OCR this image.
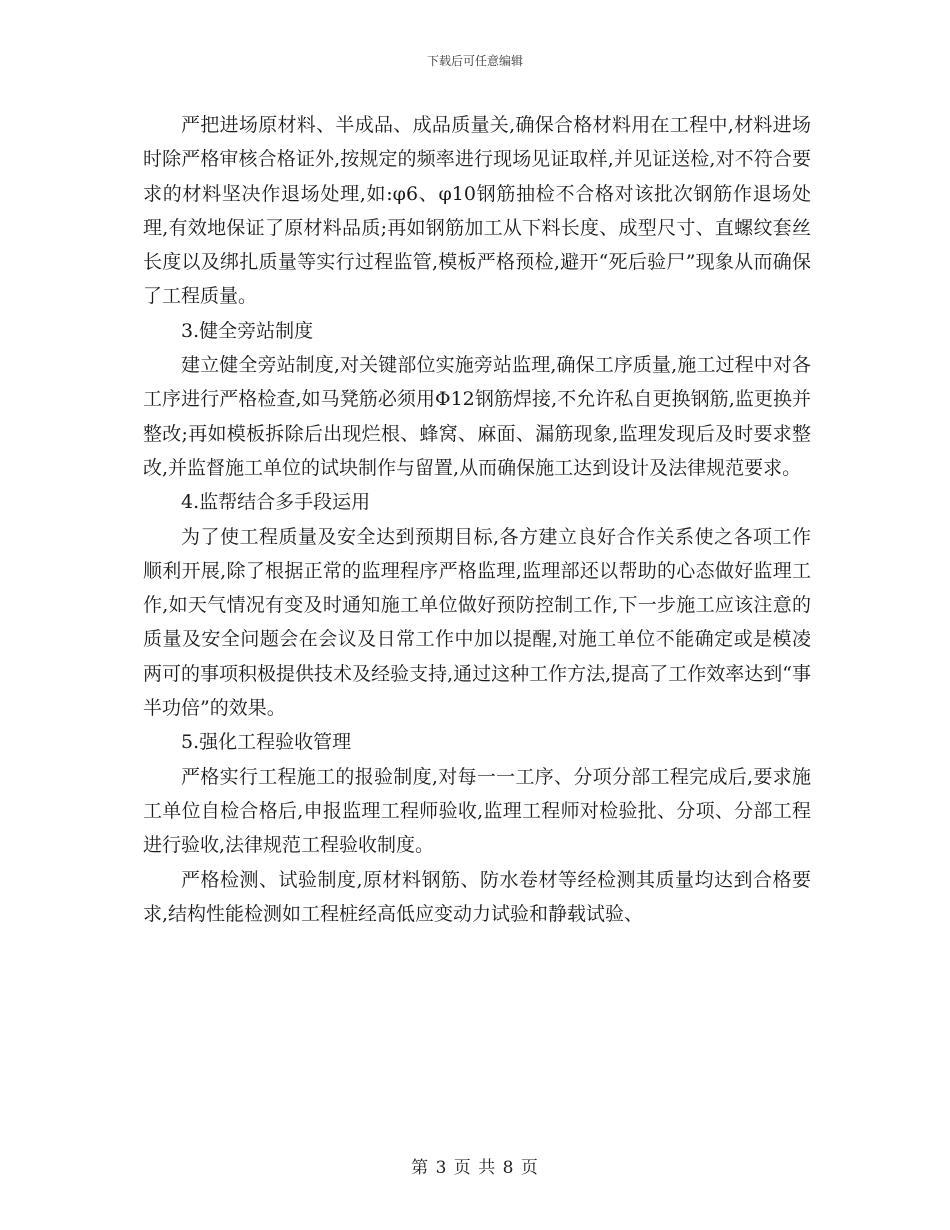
下载后可任意编辑

严把进场原材料、半成品、成品质量关,确保合格材料用在工程中,材料进场时除严格审核合格证外,按规定的频率进行现场见证取样,并见证送检,对不符合要求的材料坚决作退场处理,如:φ6、φ10钢筋抽检不合格对该批次钢筋作退场处理,有效地保证了原材料品质;再如钢筋加工从下料长度、成型尺寸、直螺纹套丝长度以及绑扎质量等实行过程监管,模板严格预检,避开“死后验尸”现象从而确保了工程质量。

3.健全旁站制度

建立健全旁站制度,对关键部位实施旁站监理,确保工序质量,施工过程中对各工序进行严格检查,如马凳筋必须用Φ12钢筋焊接,不允许私自更换钢筋,监更换并整改;再如模板拆除后出现烂根、蜂窝、麻面、漏筋现象,监理发现后及时要求整改,并监督施工单位的试块制作与留置,从而确保施工达到设计及法律规范要求。

4.监帮结合多手段运用

为了使工程质量及安全达到预期目标,各方建立良好合作关系使之各项工作顺利开展,除了根据正常的监理程序严格监理,监理部还以帮助的心态做好监理工作,如天气情况有变及时通知施工单位做好预防控制工作,下一步施工应该注意的质量及安全问题会在会议及日常工作中加以提醒,对施工单位不能确定或是模凌两可的事项积极提供技术及经验支持,通过这种工作方法,提高了工作效率达到“事半功倍”的效果。

5.强化工程验收管理

严格实行工程施工的报验制度,对每一一工序、分项分部工程完成后,要求施工单位自检合格后,申报监理工程师验收,监理工程师对检验批、分项、分部工程进行验收,法律规范工程验收制度。

严格检测、试验制度,原材料钢筋、防水卷材等经检测其质量均达到合格要求,结构性能检测如工程桩经高低应变动力试验和静载试验、

第 3 页 共 8 页
